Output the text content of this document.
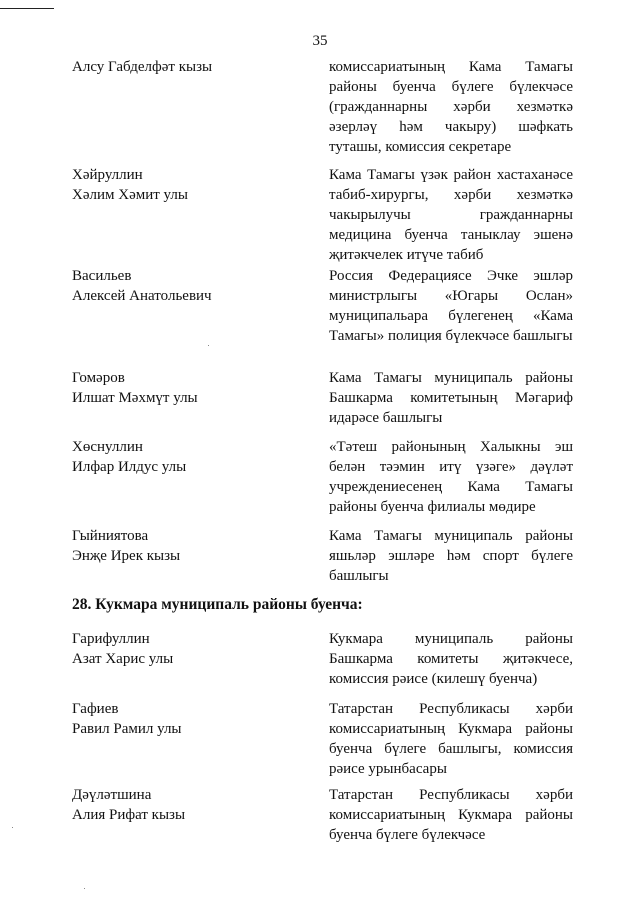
35
Алсу Габделфәт кызы	комиссариатының Кама Тамагы районы буенча бүлеге бүлекчәсе (гражданнарны хәрби хезмәткә әзерләү һәм чакыру) шәфкать туташы, комиссия секретаре
Хәйруллин
Хәлим Хәмит улы
Кама Тамагы үзәк район хастаханәсе табиб-хирургы, хәрби хезмәткә чакырылучы гражданнарны медицина буенча таныклау эшенә җитәкчелек итүче табиб
Васильев
Алексей Анатольевич
Россия Федерациясе Эчке эшләр министрлыгы «Югары Ослан» муниципальара бүлегенең «Кама Тамагы» полиция бүлекчәсе башлыгы
Гомәров
Илшат Мәхмүт улы
Кама Тамагы муниципаль районы Башкарма комитетының Мәгариф идарәсе башлыгы
Хөснуллин
Илфар Илдус улы
«Тәтеш районының Халыкны эш белән тәэмин итү үзәге» дәүләт учреждениесенең Кама Тамагы районы буенча филиалы мөдире
Гыйниятова
Энҗе Ирек кызы
Кама Тамагы муниципаль районы яшьләр эшләре һәм спорт бүлеге башлыгы
28. Кукмара муниципаль районы буенча:
Гарифуллин
Азат Харис улы
Кукмара муниципаль районы Башкарма комитеты җитәкчесе, комиссия рәисе (килешү буенча)
Гафиев
Равил Рамил улы
Татарстан Республикасы хәрби комиссариатының Кукмара районы буенча бүлеге башлыгы, комиссия рәисе урынбасары
Дәүләтшина
Алия Рифат кызы
Татарстан Республикасы хәрби комиссариатының Кукмара районы буенча бүлеге бүлекчәсе
